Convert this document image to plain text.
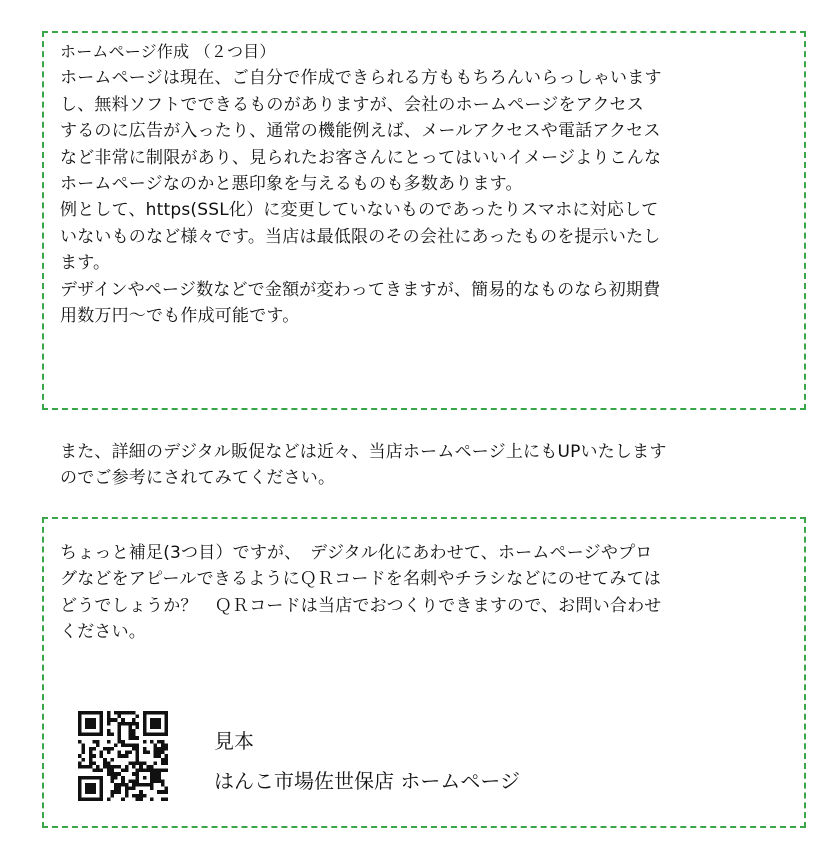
ホームページ作成 （２つ目）
ホームページは現在、ご自分で作成できられる方ももちろんいらっしゃいます
し、無料ソフトでできるものがありますが、会社のホームページをアクセス
するのに広告が入ったり、通常の機能例えば、メールアクセスや電話アクセス
など非常に制限があり、見られたお客さんにとってはいいイメージよりこんな
ホームページなのかと悪印象を与えるものも多数あります。
例として、https(SSL化）に変更していないものであったりスマホに対応して
いないものなど様々です。当店は最低限のその会社にあったものを提示いたし
ます。
デザインやページ数などで金額が変わってきますが、簡易的なものなら初期費
用数万円～でも作成可能です。
また、詳細のデジタル販促などは近々、当店ホームページ上にもUPいたします
のでご参考にされてみてください。
ちょっと補足(3つ目）ですが、　デジタル化にあわせて、ホームページやプロ
グなどをアピールできるようにＱＲコードを名刺やチラシなどにのせてみては
どうでしょうか？　ＱＲコードは当店でおつくりできますので、お問い合わせ
ください。
見本
はんこ市場佐世保店 ホームページ
